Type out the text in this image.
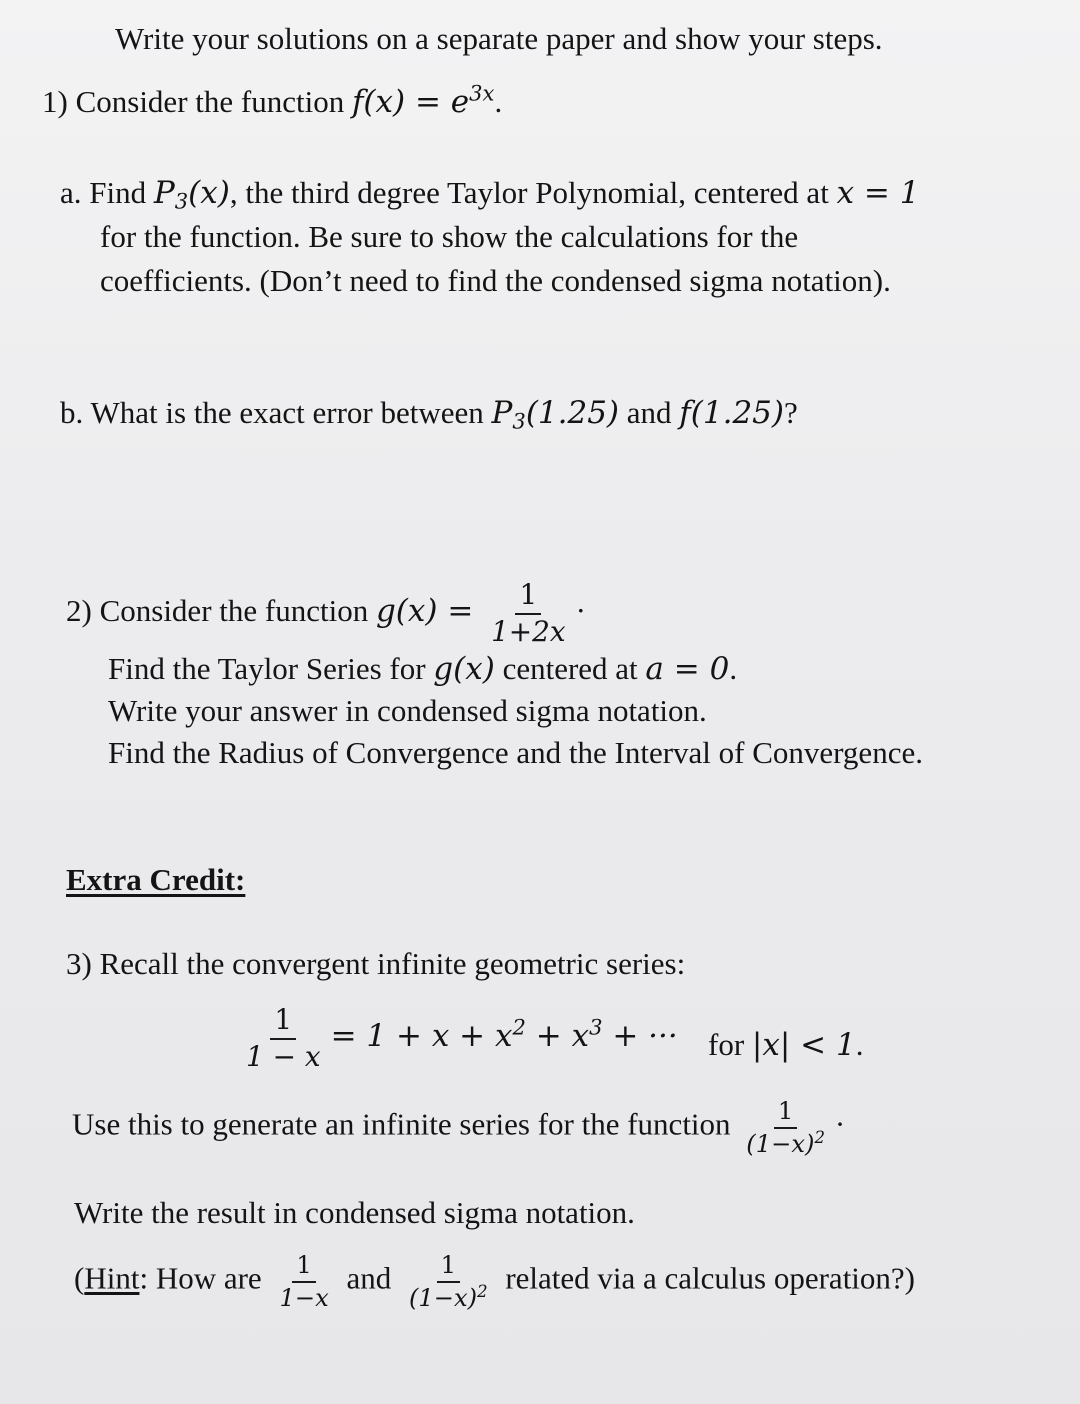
Write your solutions on a separate paper and show your steps.
1) Consider the function $f(x) = e^{3x}$.
a. Find $P_3(x)$, the third degree Taylor Polynomial, centered at x = 1
for the function. Be sure to show the calculations for the
coefficients. (Don’t need to find the condensed sigma notation).
b. What is the exact error between $P_3(1.25)$ and f(1.25)?
2) Consider the function $g(x) = \frac{1}{1+2x}$ ·
Find the Taylor Series for g(x) centered at a = 0.
Write your answer in condensed sigma notation.
Find the Radius of Convergence and the Interval of Convergence.
Extra Credit:
3) Recall the convergent infinite geometric series:
$\frac{1}{1 - x} = 1 + x + x^2 + x^3$ + ··· for |x| < 1.
Use this to generate an infinite series for the function $\frac{1}{(1-x)^2}$ ·
Write the result in condensed sigma notation.
(Hint: How are $\frac{1}{1-x}$ and $\frac{1}{(1-x)^2}$ related via a calculus operation?)
